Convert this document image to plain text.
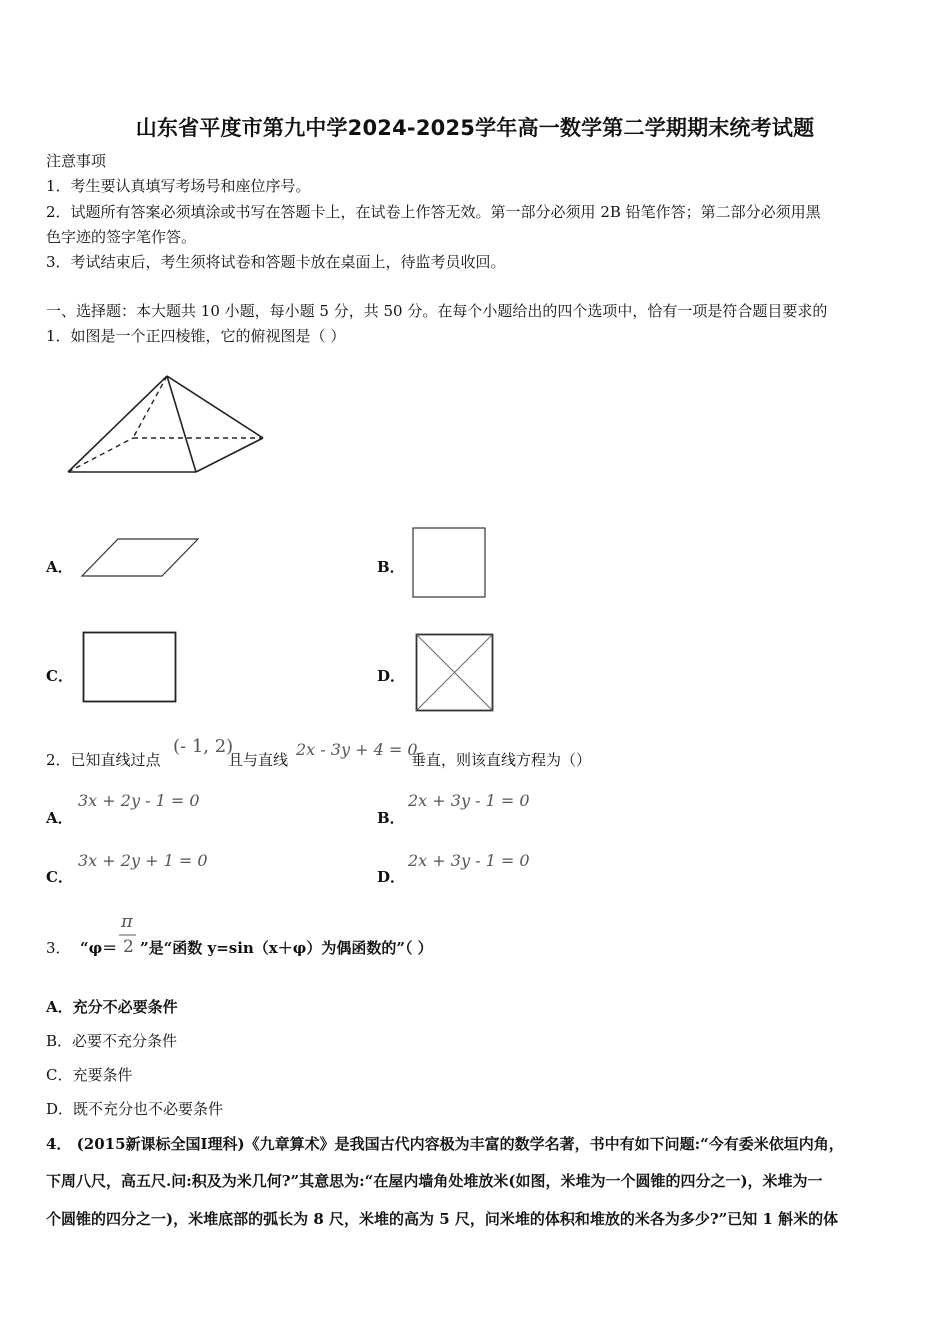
山东省平度市第九中学2024-2025学年高一数学第二学期期末统考试题
注意事项
1．考生要认真填写考场号和座位序号。
2．试题所有答案必须填涂或书写在答题卡上，在试卷上作答无效。第一部分必须用 2B 铅笔作答；第二部分必须用黑
色字迹的签字笔作答。
3．考试结束后，考生须将试卷和答题卡放在桌面上，待监考员收回。
一、选择题：本大题共 10 小题，每小题 5 分，共 50 分。在每个小题给出的四个选项中，恰有一项是符合题目要求的
1．如图是一个正四棱锥，它的俯视图是（ ）
A．	B．
C．	D．
2．已知直线过点
(- 1, 2)
且与直线
2x - 3y + 4 = 0
垂直，则该直线方程为（）
A．
3x + 2y - 1 = 0
B．
2x + 3y - 1 = 0
C．
3x + 2y + 1 = 0
D．
2x + 3y - 1 = 0
3． “φ＝
π
2 ”是“函数 y=sin（x＋φ）为偶函数的”（ ）
A．充分不必要条件
B．必要不充分条件
C．充要条件
D．既不充分也不必要条件
4． (2015新课标全国Ⅰ理科)《九章算术》是我国古代内容极为丰富的数学名著，书中有如下问题:“今有委米依垣内角，
下周八尺，高五尺.问:积及为米几何?”其意思为:“在屋内墙角处堆放米(如图，米堆为一个圆锥的四分之一)，米堆为一
个圆锥的四分之一)，米堆底部的弧长为 8 尺，米堆的高为 5 尺，问米堆的体积和堆放的米各为多少?”已知 1 斛米的体
